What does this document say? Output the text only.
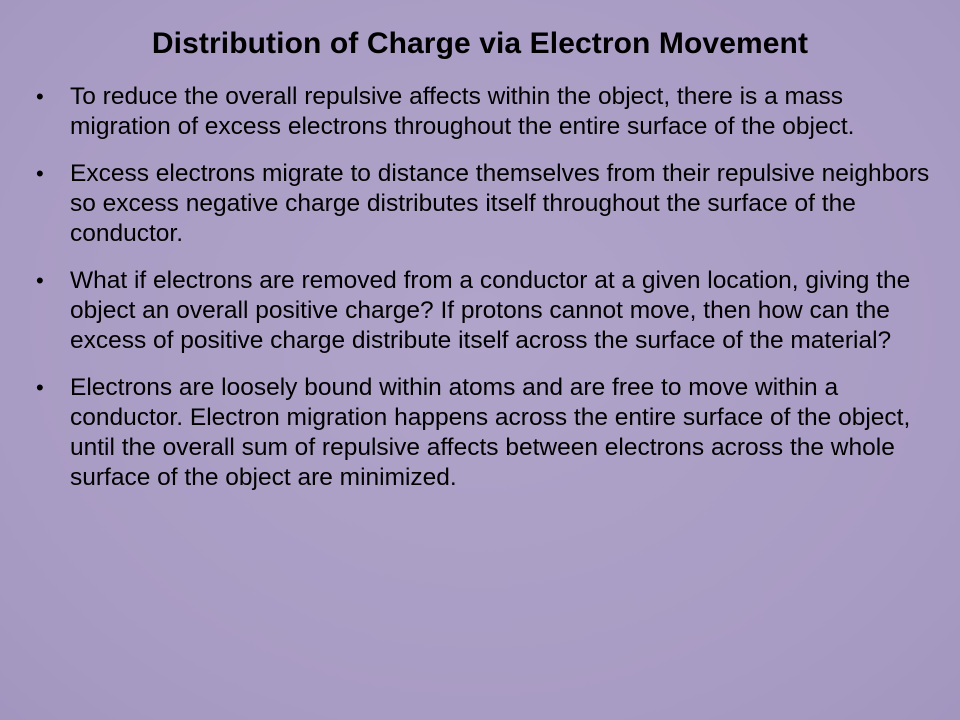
Distribution of Charge via Electron Movement
•	To reduce the overall repulsive affects within the object, there is a mass migration of excess electrons throughout the entire surface of the object.
•	Excess electrons migrate to distance themselves from their repulsive neighbors so excess negative charge distributes itself throughout the surface of the conductor.
•	What if electrons are removed from a conductor at a given location, giving the object an overall positive charge? If protons cannot move, then how can the excess of positive charge distribute itself across the surface of the material?
•	Electrons are loosely bound within atoms and are free to move within a conductor. Electron migration happens across the entire surface of the object, until the overall sum of repulsive affects between electrons across the whole surface of the object are minimized.
